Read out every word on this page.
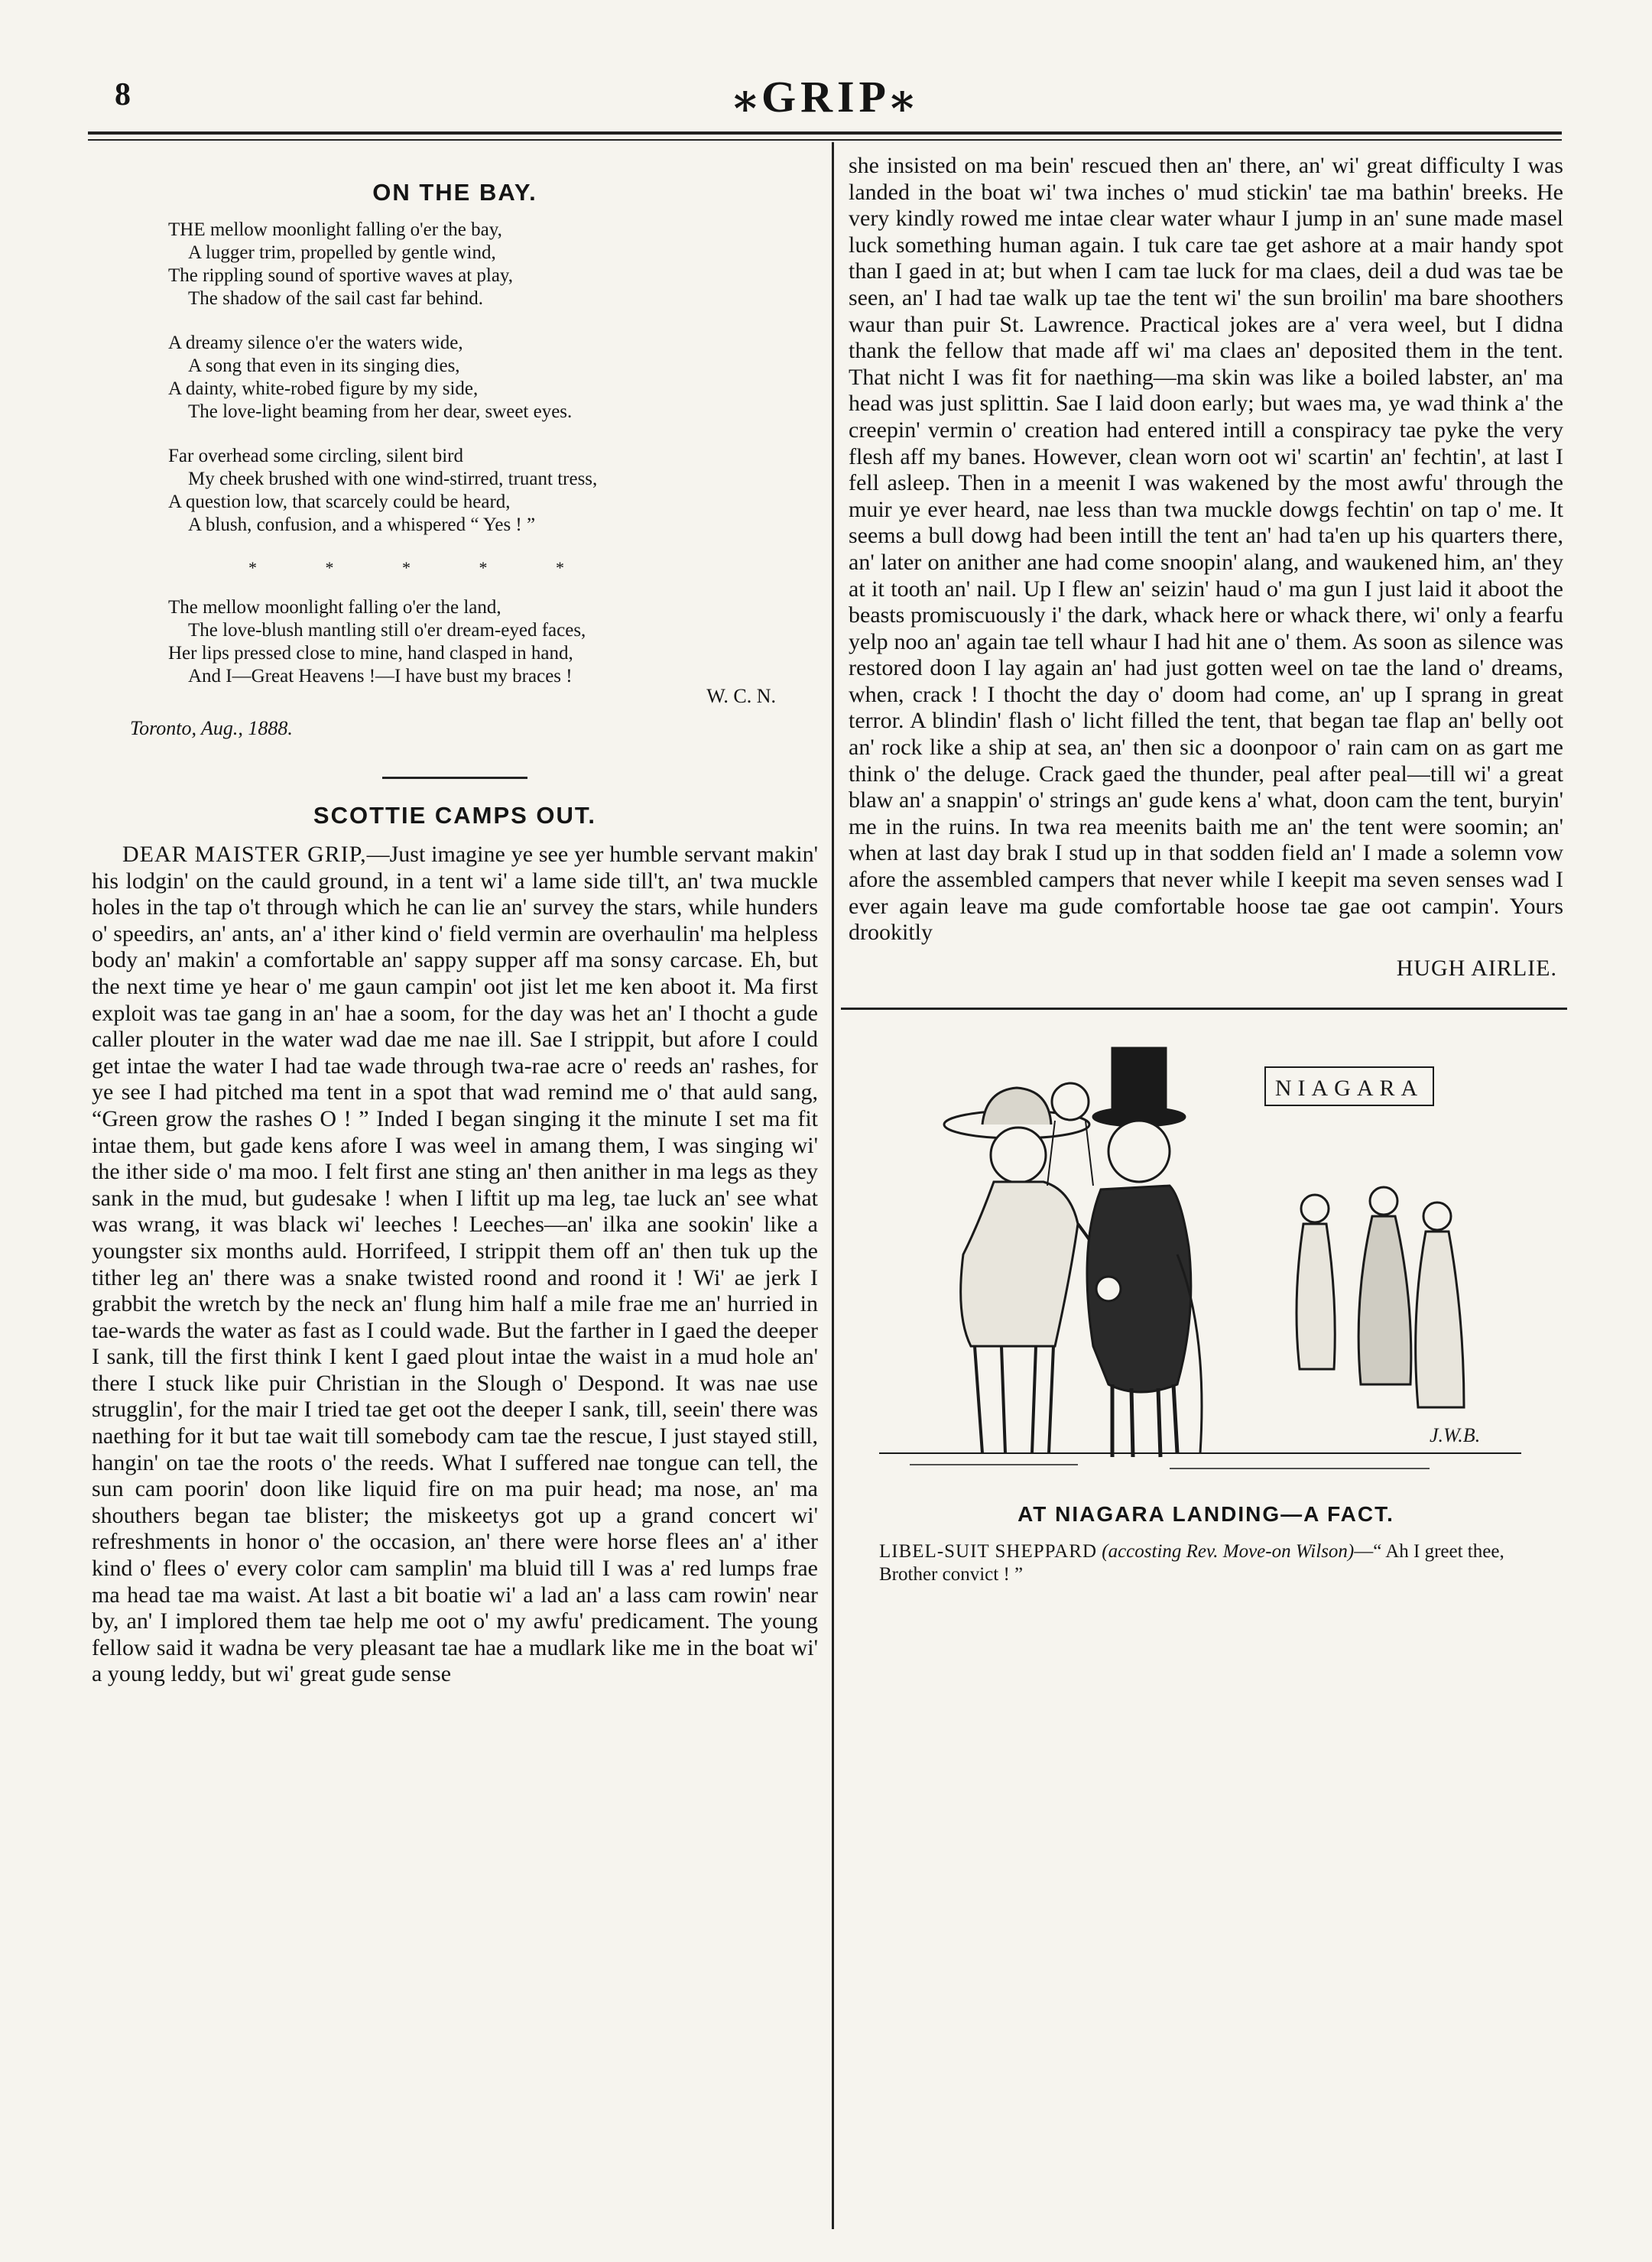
8	⁎GRIP⁎
ON THE BAY.
THE mellow moonlight falling o'er the bay,
A lugger trim, propelled by gentle wind,
The rippling sound of sportive waves at play,
The shadow of the sail cast far behind.
A dreamy silence o'er the waters wide,
A song that even in its singing dies,
A dainty, white-robed figure by my side,
The love-light beaming from her dear, sweet eyes.
Far overhead some circling, silent bird
My cheek brushed with one wind-stirred, truant tress,
A question low, that scarcely could be heard,
A blush, confusion, and a whispered “ Yes ! ”
* * * * *
The mellow moonlight falling o'er the land,
The love-blush mantling still o'er dream-eyed faces,
Her lips pressed close to mine, hand clasped in hand,
And I—Great Heavens !—I have bust my braces !
W. C. N.
Toronto, Aug., 1888.
SCOTTIE CAMPS OUT.

DEAR MAISTER GRIP,—Just imagine ye see yer humble servant makin' his lodgin' on the cauld ground, in a tent wi' a lame side till't, an' twa muckle holes in the tap o't through which he can lie an' survey the stars, while hunders o' speedirs, an' ants, an' a' ither kind o' field vermin are overhaulin' ma helpless body an' makin' a comfortable an' sappy supper aff ma sonsy carcase. Eh, but the next time ye hear o' me gaun campin' oot jist let me ken aboot it. Ma first exploit was tae gang in an' hae a soom, for the day was het an' I thocht a gude caller plouter in the water wad dae me nae ill. Sae I strippit, but afore I could get intae the water I had tae wade through twa-rae acre o' reeds an' rashes, for ye see I had pitched ma tent in a spot that wad remind me o' that auld sang, “Green grow the rashes O ! ” Inded I began singing it the minute I set ma fit intae them, but gade kens afore I was weel in amang them, I was singing wi' the ither side o' ma moo. I felt first ane sting an' then anither in ma legs as they sank in the mud, but gudesake ! when I liftit up ma leg, tae luck an' see what was wrang, it was black wi' leeches ! Leeches—an' ilka ane sookin' like a youngster six months auld. Horrifeed, I strippit them off an' then tuk up the tither leg an' there was a snake twisted roond and roond it ! Wi' ae jerk I grabbit the wretch by the neck an' flung him half a mile frae me an' hurried in tae-wards the water as fast as I could wade. But the farther in I gaed the deeper I sank, till the first think I kent I gaed plout intae the waist in a mud hole an' there I stuck like puir Christian in the Slough o' Despond. It was nae use strugglin', for the mair I tried tae get oot the deeper I sank, till, seein' there was naething for it but tae wait till somebody cam tae the rescue, I just stayed still, hangin' on tae the roots o' the reeds. What I suffered nae tongue can tell, the sun cam poorin' doon like liquid fire on ma puir head; ma nose, an' ma shouthers began tae blister; the miskeetys got up a grand concert wi' refreshments in honor o' the occasion, an' there were horse flees an' a' ither kind o' flees o' every color cam samplin' ma bluid till I was a' red lumps frae ma head tae ma waist. At last a bit boatie wi' a lad an' a lass cam rowin' near by, an' I implored them tae help me oot o' my awfu' predicament. The young fellow said it wadna be very pleasant tae hae a mudlark like me in the boat wi' a young leddy, but wi' great gude sense

she insisted on ma bein' rescued then an' there, an' wi' great difficulty I was landed in the boat wi' twa inches o' mud stickin' tae ma bathin' breeks. He very kindly rowed me intae clear water whaur I jump in an' sune made masel luck something human again. I tuk care tae get ashore at a mair handy spot than I gaed in at; but when I cam tae luck for ma claes, deil a dud was tae be seen, an' I had tae walk up tae the tent wi' the sun broilin' ma bare shoothers waur than puir St. Lawrence. Practical jokes are a' vera weel, but I didna thank the fellow that made aff wi' ma claes an' deposited them in the tent. That nicht I was fit for naething—ma skin was like a boiled labster, an' ma head was just splittin. Sae I laid doon early; but waes ma, ye wad think a' the creepin' vermin o' creation had entered intill a conspiracy tae pyke the very flesh aff my banes. However, clean worn oot wi' scartin' an' fechtin', at last I fell asleep. Then in a meenit I was wakened by the most awfu' through the muir ye ever heard, nae less than twa muckle dowgs fechtin' on tap o' me. It seems a bull dowg had been intill the tent an' had ta'en up his quarters there, an' later on anither ane had come snoopin' alang, and waukened him, an' they at it tooth an' nail. Up I flew an' seizin' haud o' ma gun I just laid it aboot the beasts promiscuously i' the dark, whack here or whack there, wi' only a fearfu yelp noo an' again tae tell whaur I had hit ane o' them. As soon as silence was restored doon I lay again an' had just gotten weel on tae the land o' dreams, when, crack ! I thocht the day o' doom had come, an' up I sprang in great terror. A blindin' flash o' licht filled the tent, that began tae flap an' belly oot an' rock like a ship at sea, an' then sic a doonpoor o' rain cam on as gart me think o' the deluge. Crack gaed the thunder, peal after peal—till wi' a great blaw an' a snappin' o' strings an' gude kens a' what, doon cam the tent, buryin' me in the ruins. In twa rea meenits baith me an' the tent were soomin; an' when at last day brak I stud up in that sodden field an' I made a solemn vow afore the assembled campers that never while I keepit ma seven senses wad I ever again leave ma gude comfortable hoose tae gae oot campin'. Yours drookitly

HUGH AIRLIE.
NIAGARA
J.W.B.
AT NIAGARA LANDING—A FACT.
LIBEL-SUIT SHEPPARD (accosting Rev. Move-on Wilson)—“ Ah I greet thee, Brother convict ! ”
